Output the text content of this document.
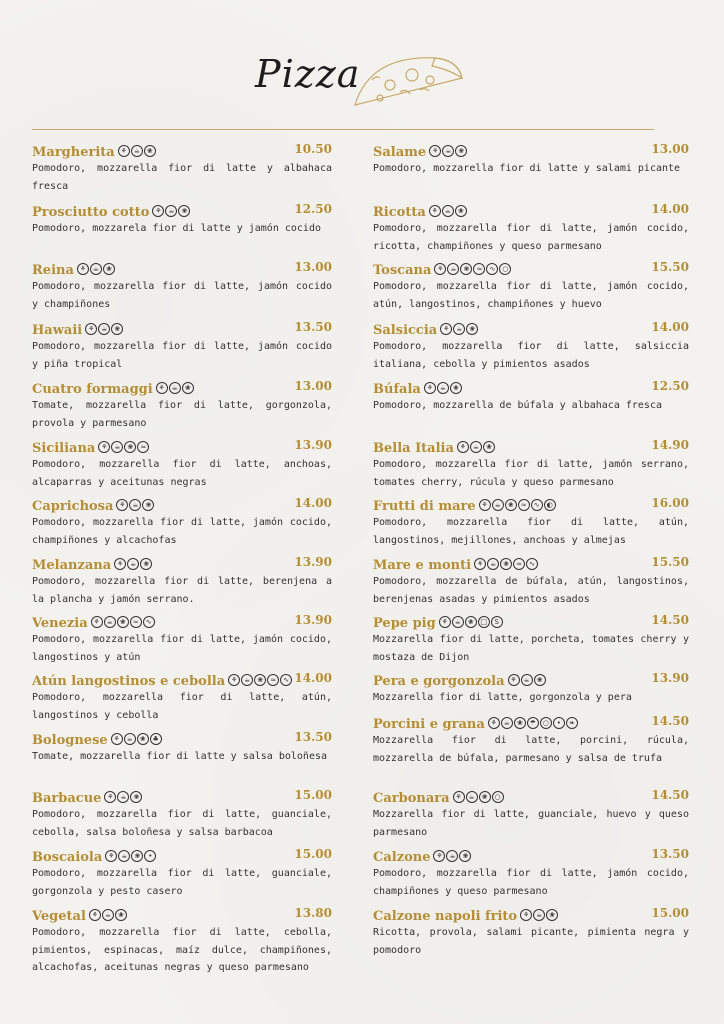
Pizza
Margherita ⚘ ☕ ❀	10.50
Pomodoro, mozzarella fior di latte y albahaca fresca
Prosciutto cotto ⚘ ☕ ❀	12.50
Pomodoro, mozzarela fior di latte y jamón cocido
Reina ⚘ ☕ ❀	13.00
Pomodoro, mozzarella fior di latte, jamón cocido y champiñones
Hawaii ⚘ ☕ ❀	13.50
Pomodoro, mozzarella fior di latte, jamón cocido y piña tropical
Cuatro formaggi ⚘ ☕ ❀	13.00
Tomate, mozzarella fior di latte, gorgonzola, provola y parmesano
Siciliana ⚘ ☕ ❀ ≈	13.90
Pomodoro, mozzarella fior di latte, anchoas, alcaparras y aceitunas negras
Caprichosa ⚘ ☕ ❀	14.00
Pomodoro, mozzarella fior di latte, jamón cocido, champiñones y alcachofas
Melanzana ⚘ ☕ ❀	13.90
Pomodoro, mozzarella fior di latte, berenjena a la plancha y jamón serrano.
Venezia ⚘ ☕ ❀ ≈ ∿	13.90
Pomodoro, mozzarella fior di latte, jamón cocido, langostinos y atún
Atún langostinos e cebolla ⚘ ☕ ❀ ≈ ∿ 14.00
Pomodoro, mozzarella fior di latte, atún, langostinos y cebolla
Bolognese ⚘ ☕ ❀ ♣	13.50
Tomate, mozzarella fior di latte y salsa boloñesa
Barbacue ⚘ ☕ ❀	15.00
Pomodoro, mozzarella fior di latte, guanciale, cebolla, salsa boloñesa y salsa barbacoa
Boscaiola ⚘ ☕ ❀ •	15.00
Pomodoro, mozzarella fior di latte, guanciale, gorgonzola y pesto casero
Vegetal ⚘ ☕ ❀	13.80
Pomodoro, mozzarella fior di latte, cebolla, pimientos, espinacas, maíz dulce, champiñones, alcachofas, aceitunas negras y queso parmesano
Salame ⚘ ☕ ❀	13.00
Pomodoro, mozzarella fior di latte y salami picante
Ricotta ⚘ ☕ ❀	14.00
Pomodoro, mozzarella fior di latte, jamón cocido, ricotta, champiñones y queso parmesano
Toscana ⚘ ☕ ❀ ≈ ∿ ○	15.50
Pomodoro, mozzarella fior di latte, jamón cocido, atún, langostinos, champiñones y huevo
Salsiccia ⚘ ☕ ❀	14.00
Pomodoro, mozzarella fior di latte, salsiccia italiana, cebolla y pimientos asados
Búfala ⚘ ☕ ❀	12.50
Pomodoro, mozzarella de búfala y albahaca fresca
Bella Italia ⚘ ☕ ❀	14.90
Pomodoro, mozzarella fior di latte, jamón serrano, tomates cherry, rúcula y queso parmesano
Frutti di mare ⚘ ☕ ❀ ≈ ∿ ◐	16.00
Pomodoro, mozzarella fior di latte, atún, langostinos, mejillones, anchoas y almejas
Mare e monti ⚘ ☕ ❀ ≈ ∿	15.50
Pomodoro, mozzarella de búfala, atún, langostinos, berenjenas asadas y pimientos asados
Pepe pig ⚘ ☕ ❀ □ S	14.50
Mozzarella fior di latte, porcheta, tomates cherry y mostaza de Dijon
Pera e gorgonzola ⚘ ☕ ❀	13.90
Mozzarella fior di latte, gorgonzola y pera
Porcini e grana ⚘ ☕ ❀ ☂ ○ • ❧	14.50
Mozzarella fior di latte, porcini, rúcula, mozzarella de búfala, parmesano y salsa de trufa
Carbonara ⚘ ☕ ❀ ○	14.50
Mozzarella fior di latte, guanciale, huevo y queso parmesano
Calzone ⚘ ☕ ❀	13.50
Pomodoro, mozzarella fior di latte, jamón cocido, champiñones y queso parmesano
Calzone napoli frito ⚘ ☕ ❀	15.00
Ricotta, provola, salami picante, pimienta negra y pomodoro
